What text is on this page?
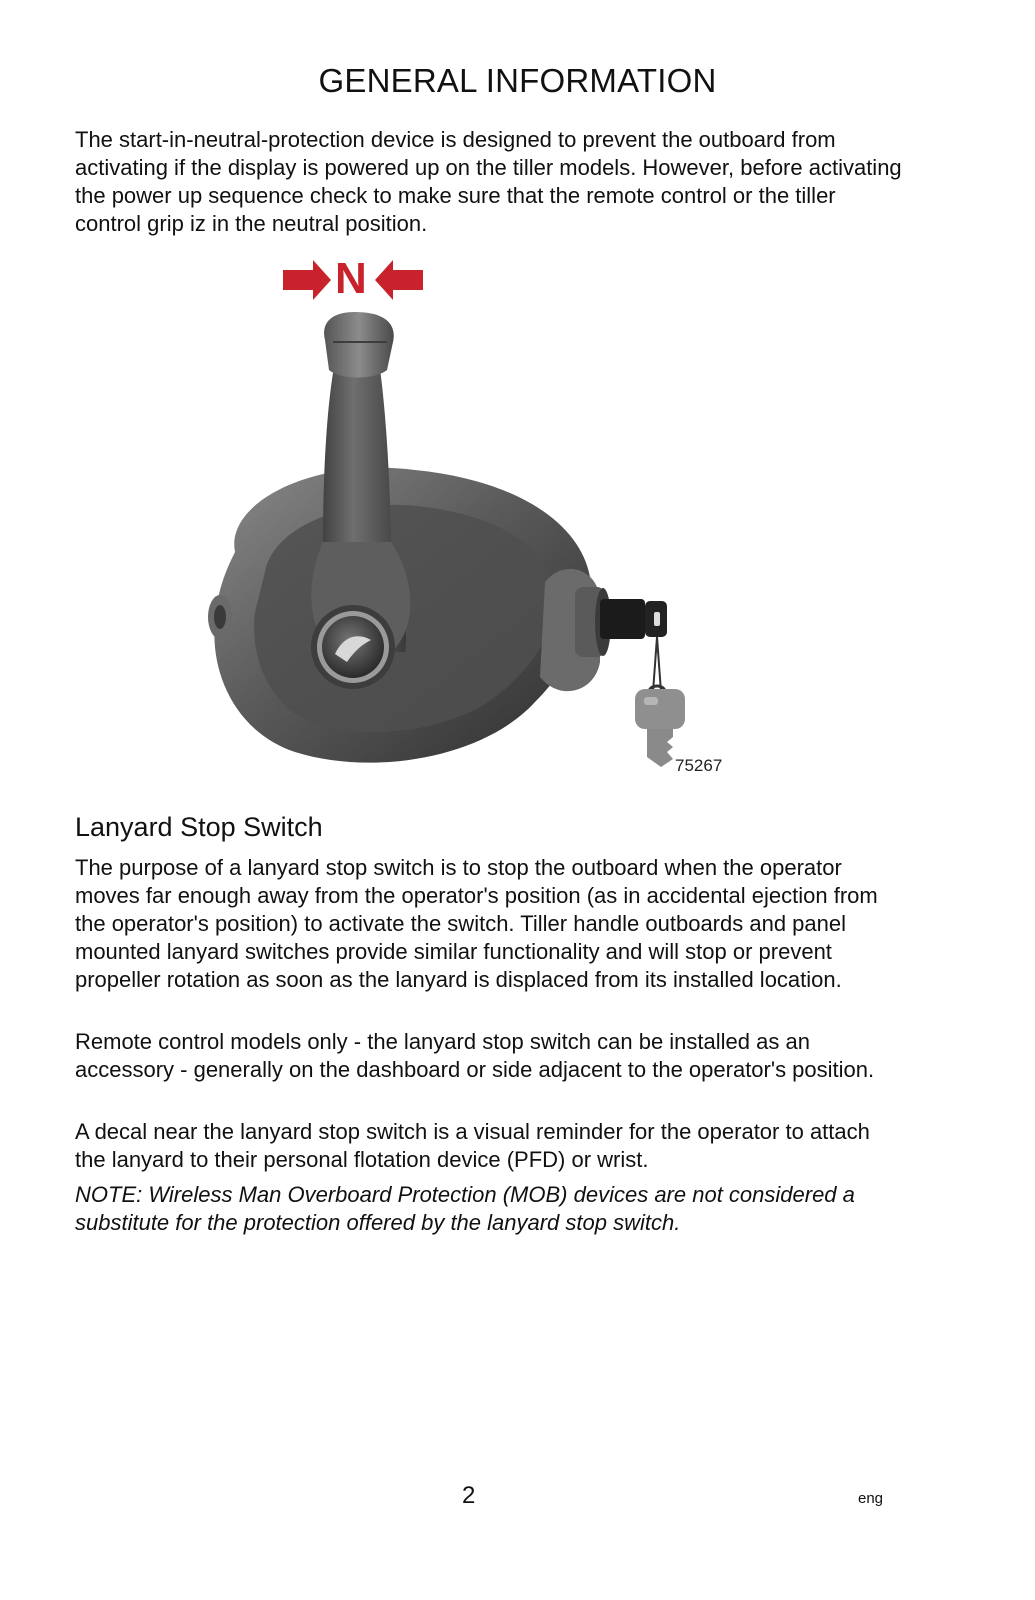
GENERAL INFORMATION

The start-in-neutral-protection device is designed to prevent the outboard from activating if the display is powered up on the tiller models. However, before activating the power up sequence check to make sure that the remote control or the tiller control grip iz in the neutral position.

N
75267
Lanyard Stop Switch

The purpose of a lanyard stop switch is to stop the outboard when the operator moves far enough away from the operator's position (as in accidental ejection from the operator's position) to activate the switch. Tiller handle outboards and panel mounted lanyard switches provide similar functionality and will stop or prevent propeller rotation as soon as the lanyard is displaced from its installed location.

Remote control models only - the lanyard stop switch can be installed as an accessory - generally on the dashboard or side adjacent to the operator's position.

A decal near the lanyard stop switch is a visual reminder for the operator to attach the lanyard to their personal flotation device (PFD) or wrist.

NOTE: Wireless Man Overboard Protection (MOB) devices are not considered a substitute for the protection offered by the lanyard stop switch.

2	eng
